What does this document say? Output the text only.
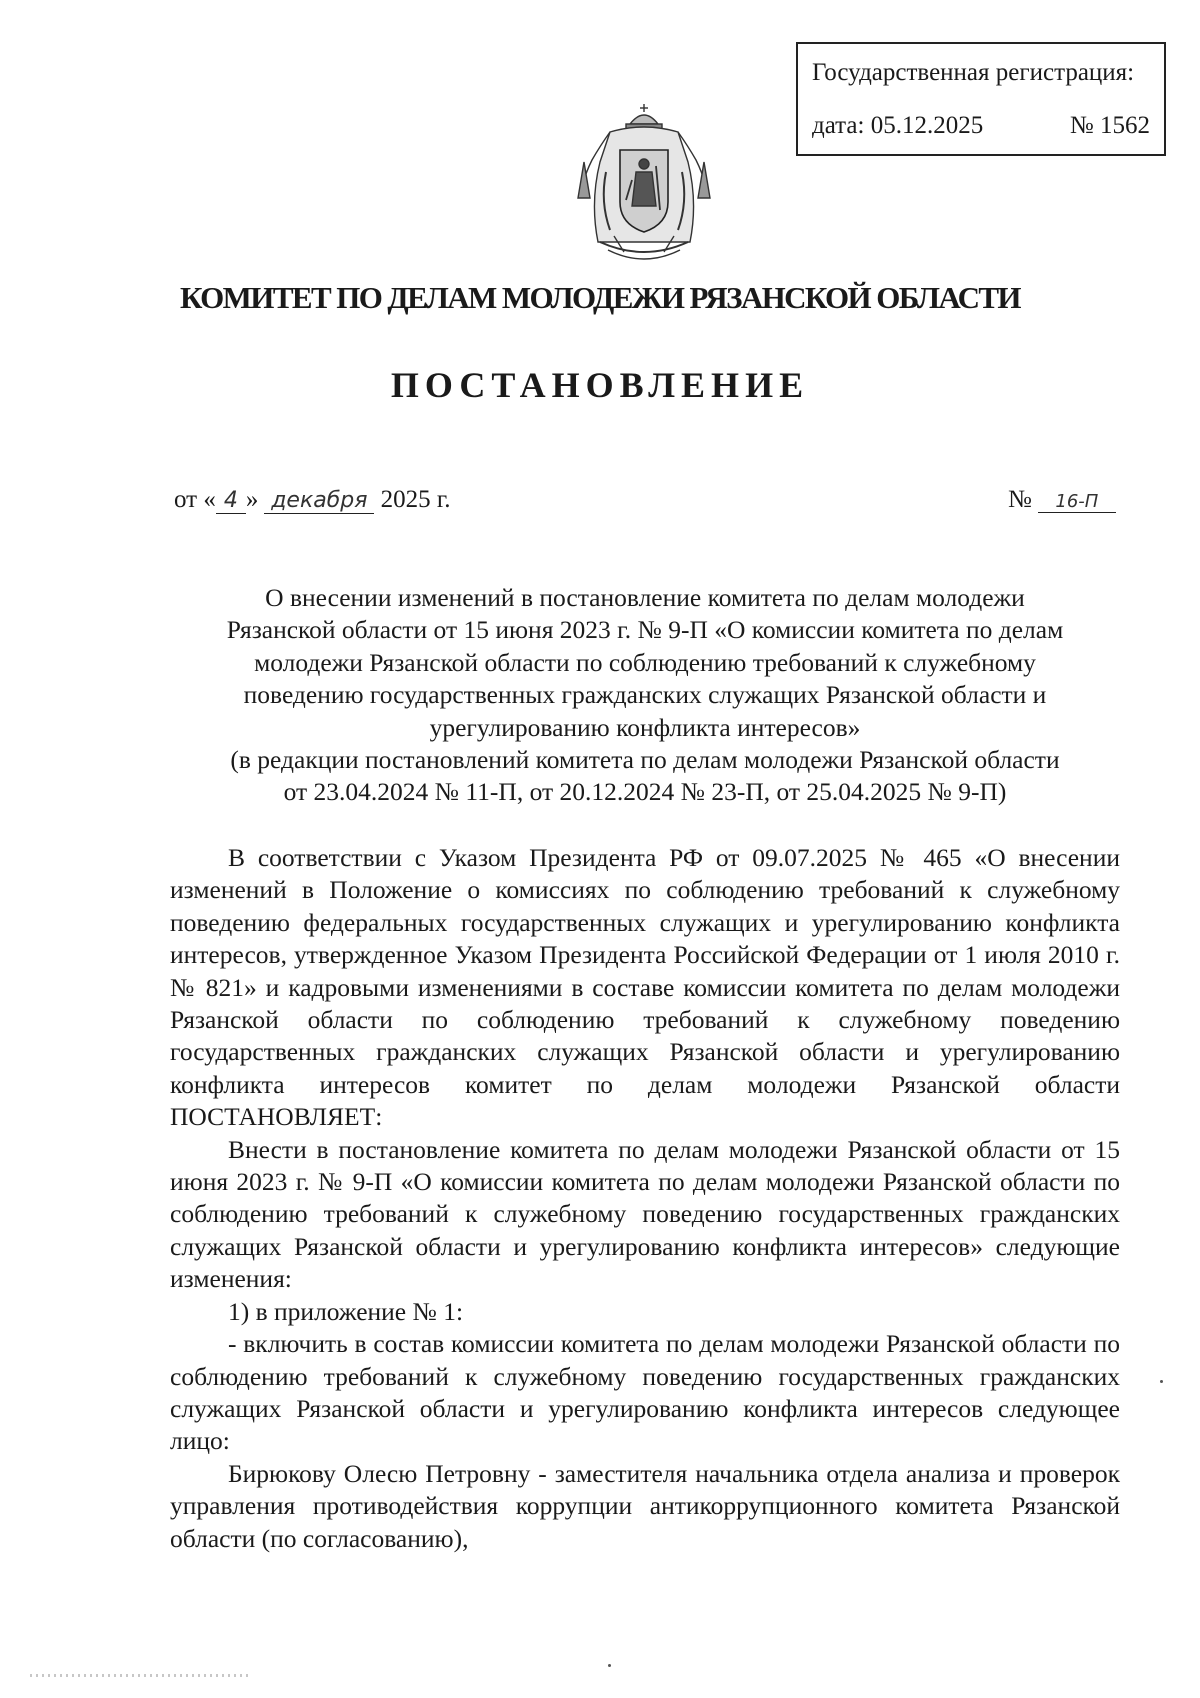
Государственная регистрация:
дата: 05.12.2025	№ 1562
КОМИТЕТ ПО ДЕЛАМ МОЛОДЕЖИ РЯЗАНСКОЙ ОБЛАСТИ
ПОСТАНОВЛЕНИЕ
от « 4 » декабря 2025 г.	№ 16-П
О внесении изменений в постановление комитета по делам молодежи
Рязанской области от 15 июня 2023 г. № 9-П «О комиссии комитета по делам
молодежи Рязанской области по соблюдению требований к служебному
поведению государственных гражданских служащих Рязанской области и
урегулированию конфликта интересов»
(в редакции постановлений комитета по делам молодежи Рязанской области
от 23.04.2024 № 11-П, от 20.12.2024 № 23-П, от 25.04.2025 № 9-П)

В соответствии с Указом Президента РФ от 09.07.2025 № 465 «О внесении изменений в Положение о комиссиях по соблюдению требований к служебному поведению федеральных государственных служащих и урегулированию конфликта интересов, утвержденное Указом Президента Российской Федерации от 1 июля 2010 г. № 821» и кадровыми изменениями в составе комиссии комитета по делам молодежи Рязанской области по соблюдению требований к служебному поведению государственных гражданских служащих Рязанской области и урегулированию конфликта интересов комитет по делам молодежи Рязанской области ПОСТАНОВЛЯЕТ:

Внести в постановление комитета по делам молодежи Рязанской области от 15 июня 2023 г. № 9-П «О комиссии комитета по делам молодежи Рязанской области по соблюдению требований к служебному поведению государственных гражданских служащих Рязанской области и урегулированию конфликта интересов» следующие изменения:

1) в приложение № 1:

- включить в состав комиссии комитета по делам молодежи Рязанской области по соблюдению требований к служебному поведению государственных гражданских служащих Рязанской области и урегулированию конфликта интересов следующее лицо:

Бирюкову Олесю Петровну - заместителя начальника отдела анализа и проверок управления противодействия коррупции антикоррупционного комитета Рязанской области (по согласованию),
